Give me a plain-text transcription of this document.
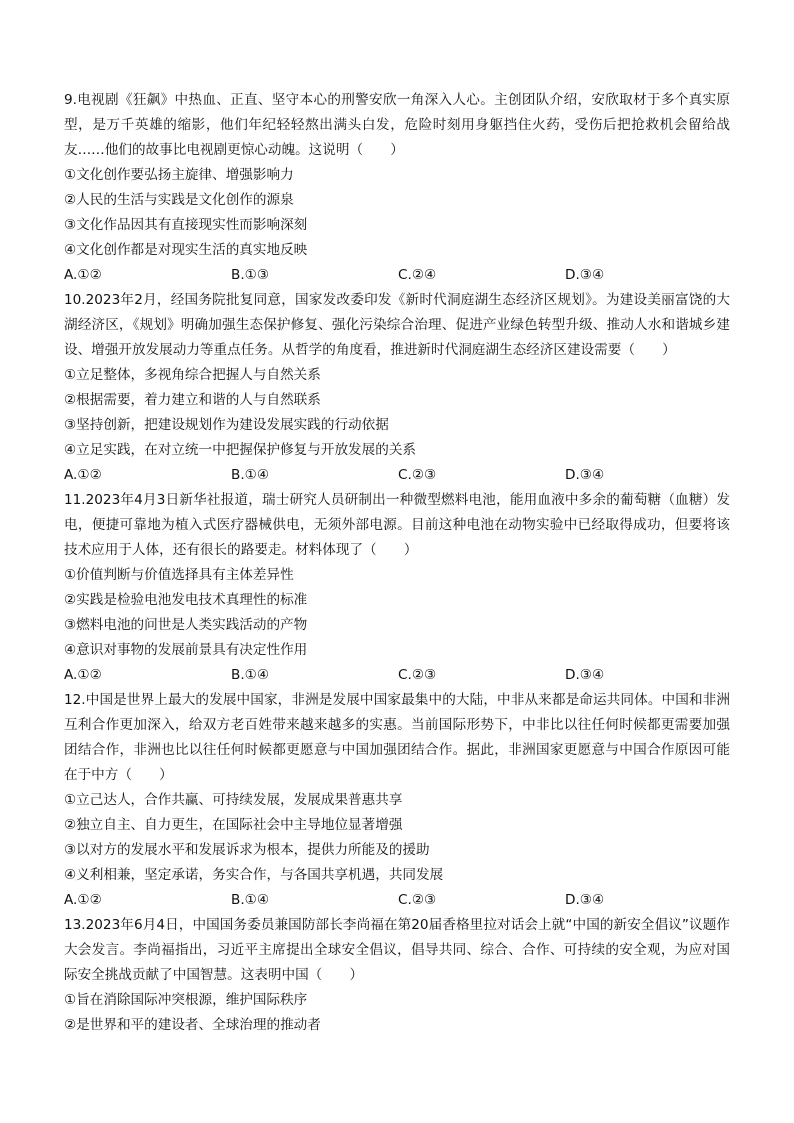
9.电视剧《狂飙》中热血、正直、坚守本心的刑警安欣一角深入人心。主创团队介绍，安欣取材于多个真实原型，是万千英雄的缩影，他们年纪轻轻熬出满头白发，危险时刻用身躯挡住火药，受伤后把抢救机会留给战友……他们的故事比电视剧更惊心动魄。这说明（　　）

①文化创作要弘扬主旋律、增强影响力

②人民的生活与实践是文化创作的源泉

③文化作品因其有直接现实性而影响深刻

④文化创作都是对现实生活的真实地反映

A.①②	B.①③	C.②④	D.③④

10.2023年2月，经国务院批复同意，国家发改委印发《新时代洞庭湖生态经济区规划》。为建设美丽富饶的大湖经济区，《规划》明确加强生态保护修复、强化污染综合治理、促进产业绿色转型升级、推动人水和谐城乡建设、增强开放发展动力等重点任务。从哲学的角度看，推进新时代洞庭湖生态经济区建设需要（　　）

①立足整体，多视角综合把握人与自然关系

②根据需要，着力建立和谐的人与自然联系

③坚持创新，把建设规划作为建设发展实践的行动依据

④立足实践，在对立统一中把握保护修复与开放发展的关系

A.①②	B.①④	C.②③	D.③④

11.2023年4月3日新华社报道，瑞士研究人员研制出一种微型燃料电池，能用血液中多余的葡萄糖（血糖）发电，便捷可靠地为植入式医疗器械供电，无须外部电源。目前这种电池在动物实验中已经取得成功，但要将该技术应用于人体，还有很长的路要走。材料体现了（　　）

①价值判断与价值选择具有主体差异性

②实践是检验电池发电技术真理性的标准

③燃料电池的问世是人类实践活动的产物

④意识对事物的发展前景具有决定性作用

A.①②	B.①④	C.②③	D.③④

12.中国是世界上最大的发展中国家，非洲是发展中国家最集中的大陆，中非从来都是命运共同体。中国和非洲互利合作更加深入，给双方老百姓带来越来越多的实惠。当前国际形势下，中非比以往任何时候都更需要加强团结合作，非洲也比以往任何时候都更愿意与中国加强团结合作。据此，非洲国家更愿意与中国合作原因可能在于中方（　　）

①立己达人，合作共赢、可持续发展，发展成果普惠共享

②独立自主、自力更生，在国际社会中主导地位显著增强

③以对方的发展水平和发展诉求为根本，提供力所能及的援助

④义利相兼，坚定承诺，务实合作，与各国共享机遇，共同发展

A.①②	B.①④	C.②③	D.③④

13.2023年6月4日，中国国务委员兼国防部长李尚福在第20届香格里拉对话会上就“中国的新安全倡议”议题作大会发言。李尚福指出，习近平主席提出全球安全倡议，倡导共同、综合、合作、可持续的安全观，为应对国际安全挑战贡献了中国智慧。这表明中国（　　）

①旨在消除国际冲突根源，维护国际秩序

②是世界和平的建设者、全球治理的推动者
